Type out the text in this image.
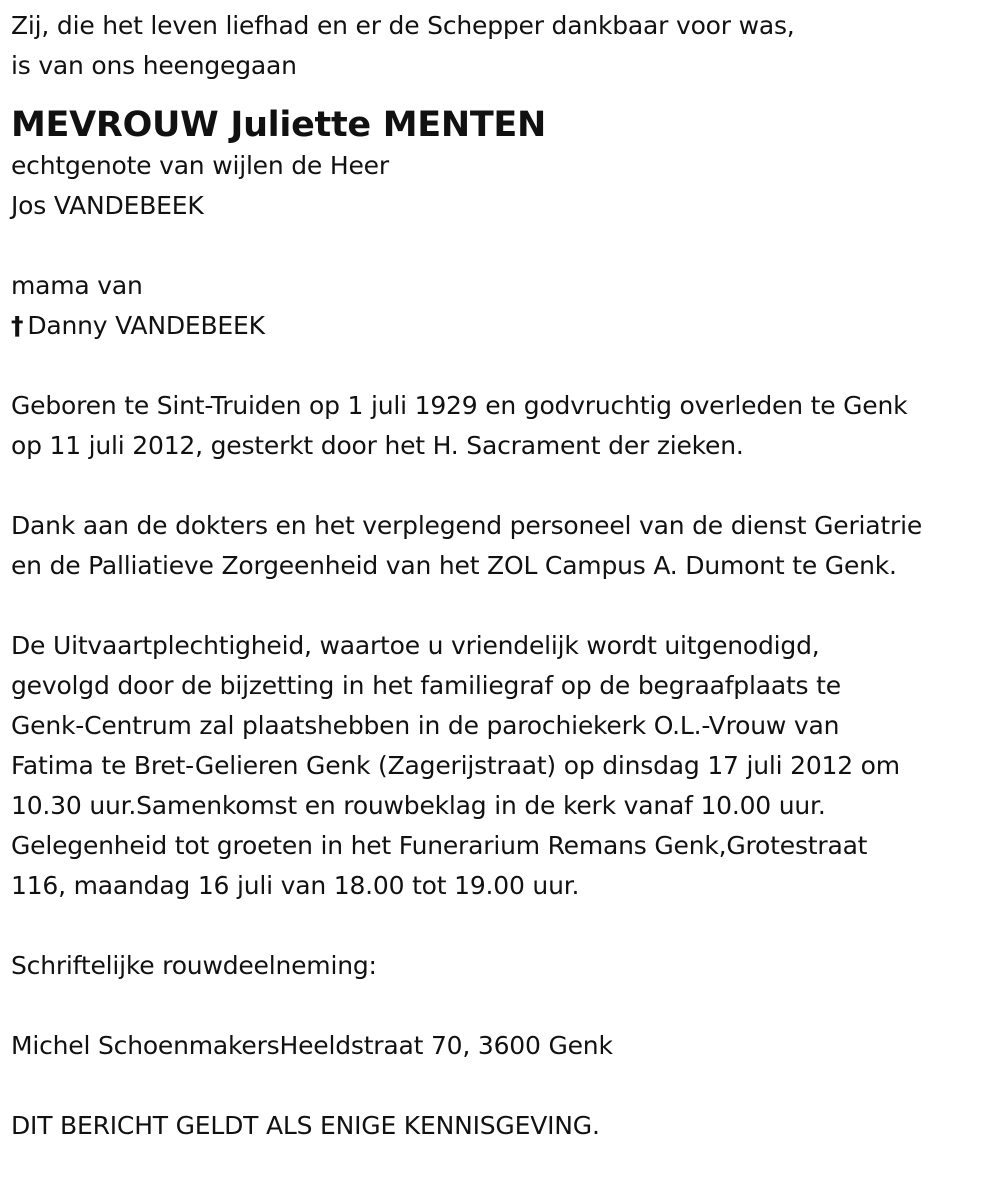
Zij, die het leven liefhad en er de Schepper dankbaar voor was,
is van ons heengegaan
MEVROUW Juliette MENTEN
echtgenote van wijlen de Heer
Jos VANDEBEEK
mama van
† Danny VANDEBEEK
Geboren te Sint-Truiden op 1 juli 1929 en godvruchtig overleden te Genk
op 11 juli 2012, gesterkt door het H. Sacrament der zieken.
Dank aan de dokters en het verplegend personeel van de dienst Geriatrie
en de Palliatieve Zorgeenheid van het ZOL Campus A. Dumont te Genk.
De Uitvaartplechtigheid, waartoe u vriendelijk wordt uitgenodigd,
gevolgd door de bijzetting in het familiegraf op de begraafplaats te
Genk-Centrum zal plaatshebben in de parochiekerk O.L.-Vrouw van
Fatima te Bret-Gelieren Genk (Zagerijstraat) op dinsdag 17 juli 2012 om
10.30 uur.Samenkomst en rouwbeklag in de kerk vanaf 10.00 uur.
Gelegenheid tot groeten in het Funerarium Remans Genk,Grotestraat
116, maandag 16 juli van 18.00 tot 19.00 uur.
Schriftelijke rouwdeelneming:
Michel SchoenmakersHeeldstraat 70, 3600 Genk
DIT BERICHT GELDT ALS ENIGE KENNISGEVING.
